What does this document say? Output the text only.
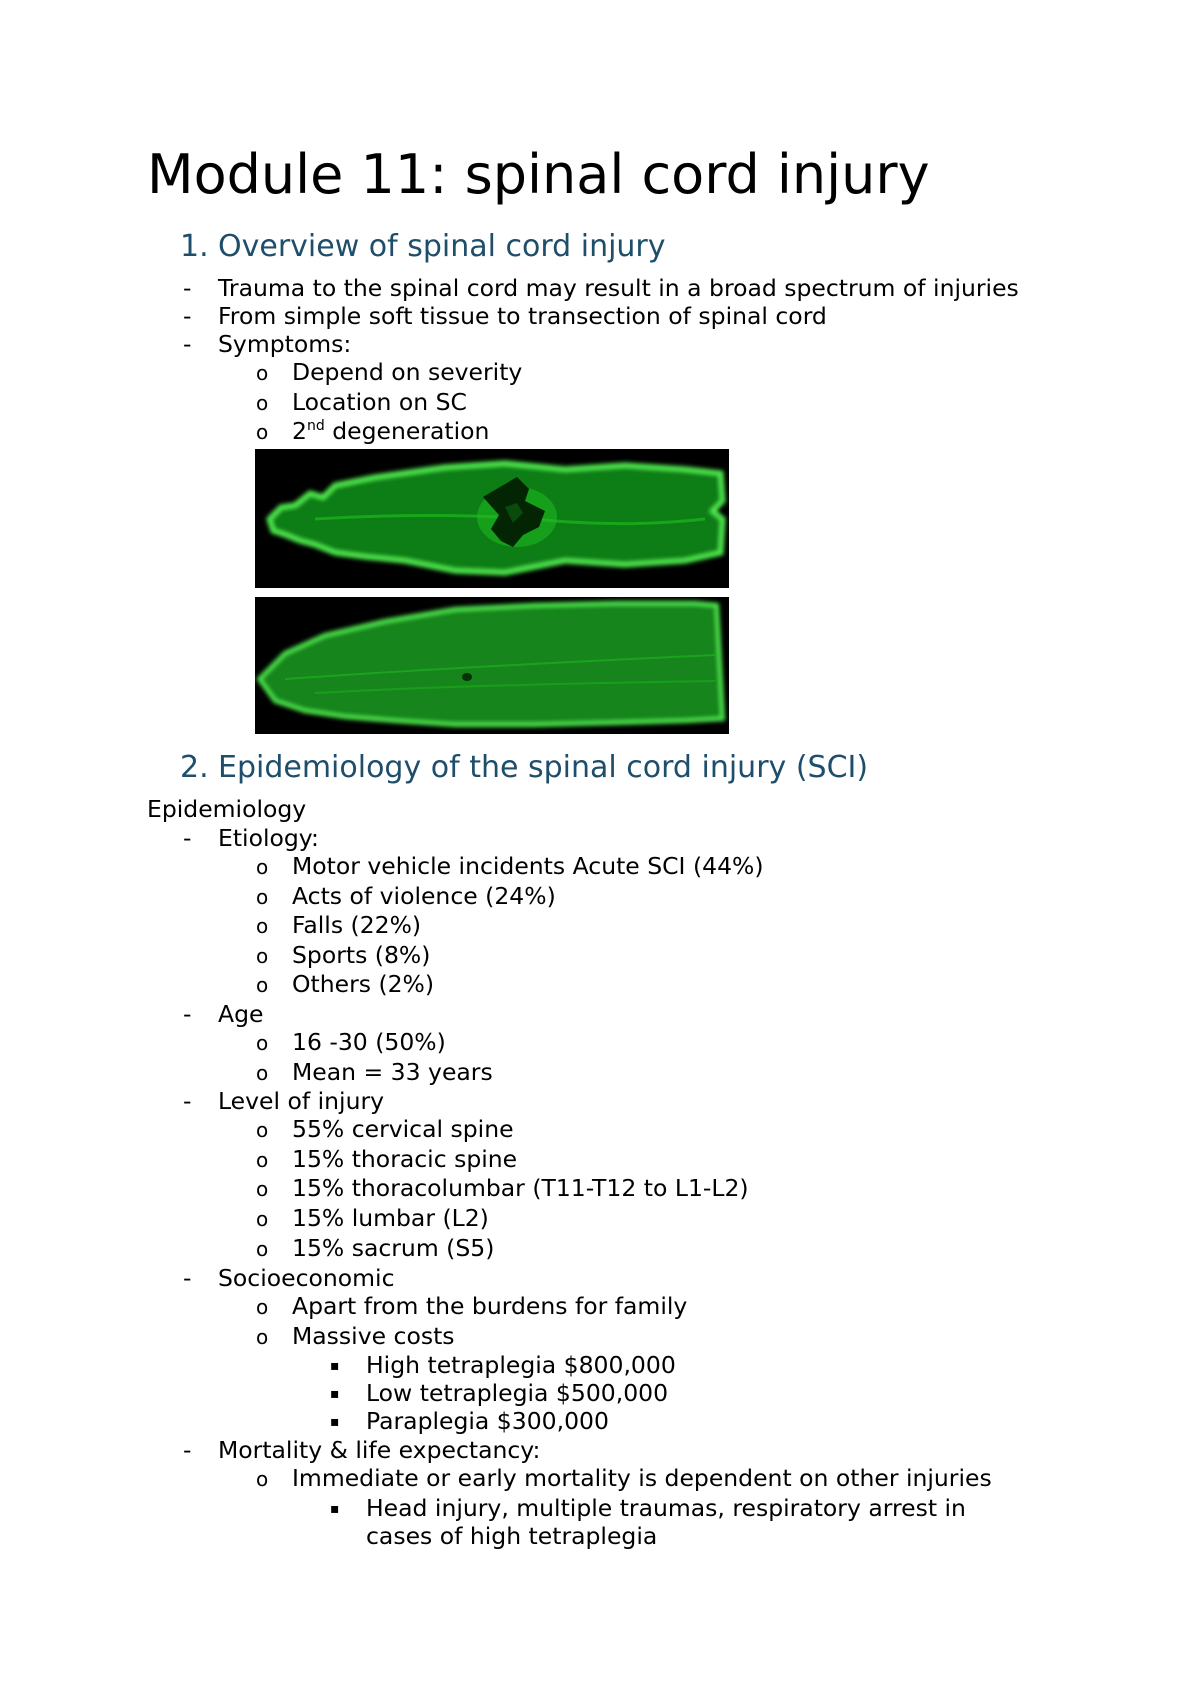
Module 11: spinal cord injury
1. Overview of spinal cord injury
- Trauma to the spinal cord may result in a broad spectrum of injuries
- From simple soft tissue to transection of spinal cord
- Symptoms:
o Depend on severity
o Location on SC
o 2nd degeneration
2. Epidemiology of the spinal cord injury (SCI)
Epidemiology
- Etiology:
o Motor vehicle incidents Acute SCI (44%)
o Acts of violence (24%)
o Falls (22%)
o Sports (8%)
o Others (2%)
- Age
o 16 -30 (50%)
o Mean = 33 years
- Level of injury
o 55% cervical spine
o 15% thoracic spine
o 15% thoracolumbar (T11-T12 to L1-L2)
o 15% lumbar (L2)
o 15% sacrum (S5)
- Socioeconomic
o Apart from the burdens for family
o Massive costs
▪ High tetraplegia $800,000
▪ Low tetraplegia $500,000
▪ Paraplegia $300,000
- Mortality & life expectancy:
o Immediate or early mortality is dependent on other injuries
▪ Head injury, multiple traumas, respiratory arrest in
cases of high tetraplegia
